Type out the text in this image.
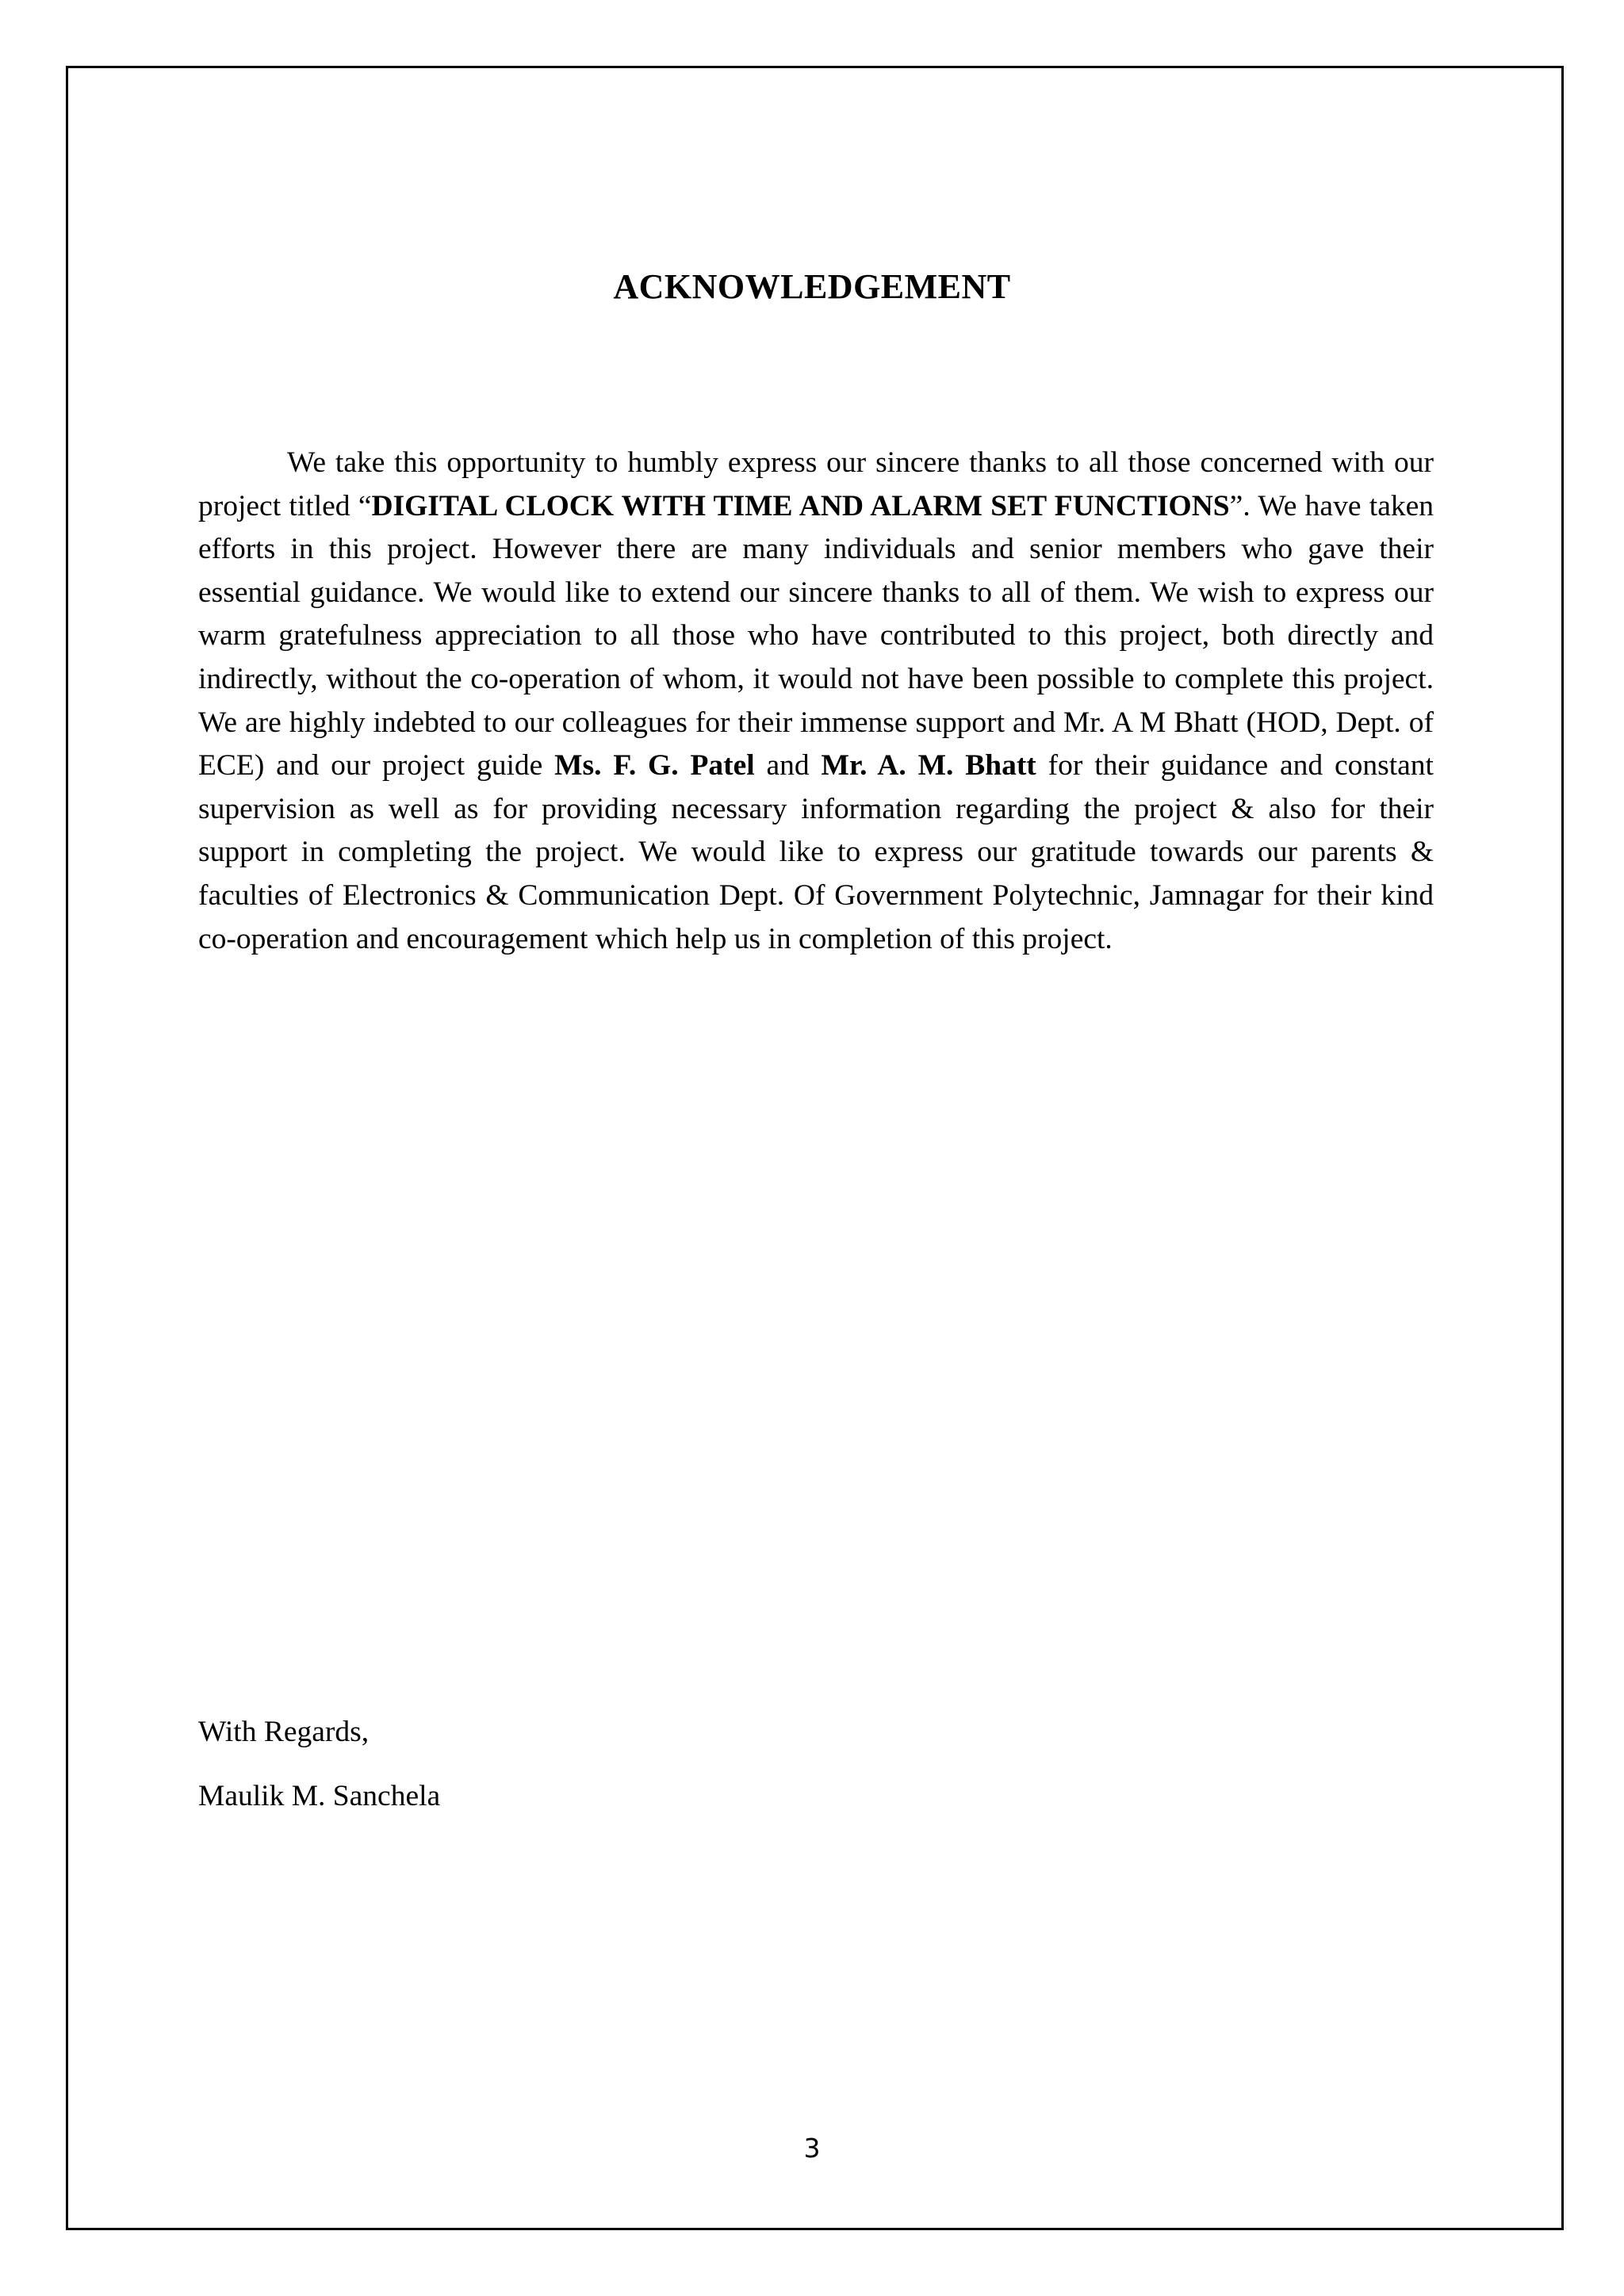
ACKNOWLEDGEMENT

We take this opportunity to humbly express our sincere thanks to all those concerned with our project titled “DIGITAL CLOCK WITH TIME AND ALARM SET FUNCTIONS”. We have taken efforts in this project. However there are many individuals and senior members who gave their essential guidance. We would like to extend our sincere thanks to all of them. We wish to express our warm gratefulness appreciation to all those who have contributed to this project, both directly and indirectly, without the co-operation of whom, it would not have been possible to complete this project. We are highly indebted to our colleagues for their immense support and Mr. A M Bhatt (HOD, Dept. of ECE) and our project guide Ms. F. G. Patel and Mr. A. M. Bhatt for their guidance and constant supervision as well as for providing necessary information regarding the project & also for their support in completing the project. We would like to express our gratitude towards our parents & faculties of Electronics & Communication Dept. Of Government Polytechnic, Jamnagar for their kind co-operation and encouragement which help us in completion of this project.

With Regards,
Maulik M. Sanchela
3
